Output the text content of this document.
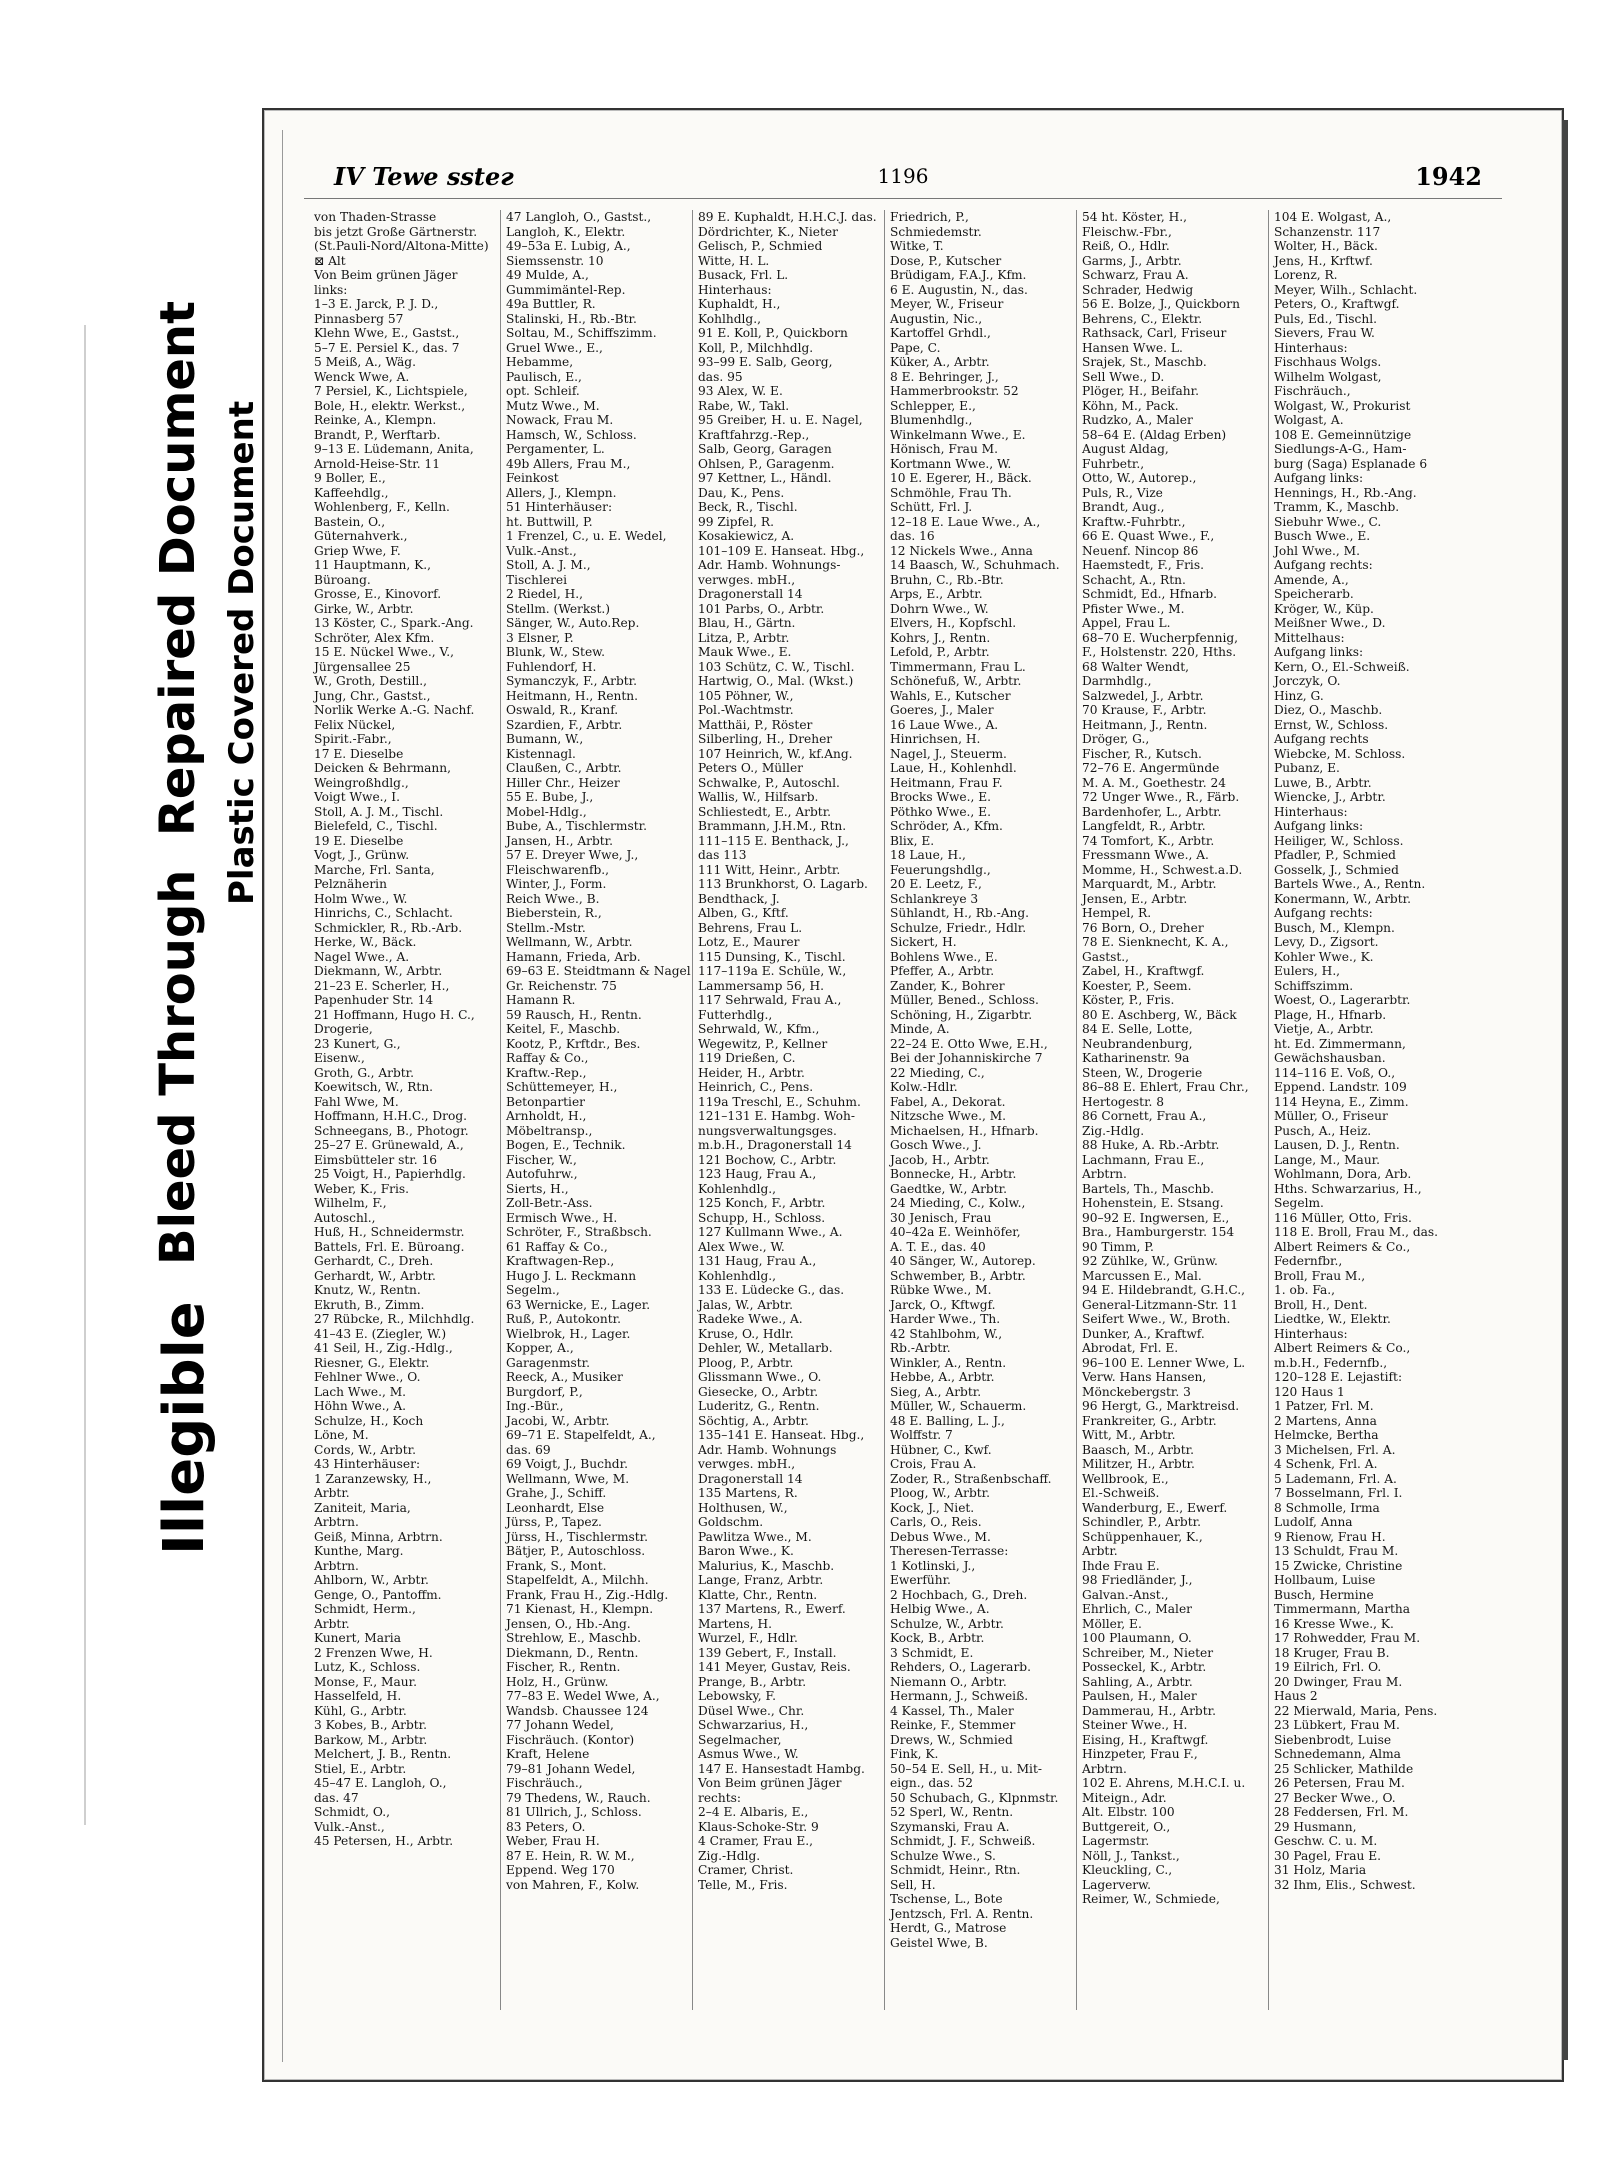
Illegible
Bleed Through  Repaired Document Plastic Covered Document
IV Tewe sstег	1196	1942
von Thaden-Strasse
bis jetzt Große Gärtnerstr.
(St.Pauli-Nord/Altona-Mitte)
⊠ Alt
Von Beim grünen Jäger
links:
1–3 E. Jarck, P. J. D.,
Pinnasberg 57
Klehn Wwe, E., Gastst.,
5–7 E. Persiel K., das. 7
5 Meiß, A., Wäg.
Wenck Wwe, A.
7 Persiel, K., Lichtspiele,
Bole, H., elektr. Werkst.,
Reinke, A., Klempn.
Brandt, P., Werftarb.
9–13 E. Lüdemann, Anita,
Arnold-Heise-Str. 11
9 Boller, E.,
Kaffeehdlg.,
Wohlenberg, F., Kelln.
Bastein, O.,
Güternahverk.,
Griep Wwe, F.
11 Hauptmann, K.,
Büroang.
Grosse, E., Kinovorf.
Girke, W., Arbtr.
13 Köster, C., Spark.-Ang.
Schröter, Alex Kfm.
15 E. Nückel Wwe., V.,
Jürgensallee 25
W., Groth, Destill.,
Jung, Chr., Gastst.,
Norlik Werke A.-G. Nachf.
Felix Nückel,
Spirit.-Fabr.,
17 E. Dieselbe
Deicken & Behrmann,
Weingroßhdlg.,
Voigt Wwe., I.
Stoll, A. J. M., Tischl.
Bielefeld, C., Tischl.
19 E. Dieselbe
Vogt, J., Grünw.
Marche, Frl. Santa,
Pelznäherin
Holm Wwe., W.
Hinrichs, C., Schlacht.
Schmickler, R., Rb.-Arb.
Herke, W., Bäck.
Nagel Wwe., A.
Diekmann, W., Arbtr.
21–23 E. Scherler, H.,
Papenhuder Str. 14
21 Hoffmann, Hugo H. C.,
Drogerie,
23 Kunert, G.,
Eisenw.,
Groth, G., Arbtr.
Koewitsch, W., Rtn.
Fahl Wwe, M.
Hoffmann, H.H.C., Drog.
Schneegans, B., Photogr.
25–27 E. Grünewald, A.,
Eimsbütteler str. 16
25 Voigt, H., Papierhdlg.
Weber, K., Fris.
Wilhelm, F.,
Autoschl.,
Huß, H., Schneidermstr.
Battels, Frl. E. Büroang.
Gerhardt, C., Dreh.
Gerhardt, W., Arbtr.
Knutz, W., Rentn.
Ekruth, B., Zimm.
27 Rübcke, R., Milchhdlg.
41–43 E. (Ziegler, W.)
41 Seil, H., Zig.-Hdlg.,
Riesner, G., Elektr.
Fehlner Wwe., O.
Lach Wwe., M.
Höhn Wwe., A.
Schulze, H., Koch
Löne, M.
Cords, W., Arbtr.
43 Hinterhäuser:
1 Zaranzewsky, H.,
Arbtr.
Zaniteit, Maria,
Arbtrn.
Geiß, Minna, Arbtrn.
Kunthe, Marg.
Arbtrn.
Ahlborn, W., Arbtr.
Genge, O., Pantoffm.
Schmidt, Herm.,
Arbtr.
Kunert, Maria
2 Frenzen Wwe, H.
Lutz, K., Schloss.
Monse, F., Maur.
Hasselfeld, H.
Kühl, G., Arbtr.
3 Kobes, B., Arbtr.
Barkow, M., Arbtr.
Melchert, J. B., Rentn.
Stiel, E., Arbtr.
45–47 E. Langloh, O.,
das. 47
Schmidt, O.,
Vulk.-Anst.,
45 Petersen, H., Arbtr.
47 Langloh, O., Gastst.,
Langloh, K., Elektr.
49–53a E. Lubig, A.,
Siemssenstr. 10
49 Mulde, A.,
Gummimäntel-Rep.
49a Buttler, R.
Stalinski, H., Rb.-Btr.
Soltau, M., Schiffszimm.
Gruel Wwe., E.,
Hebamme,
Paulisch, E.,
opt. Schleif.
Mutz Wwe., M.
Nowack, Frau M.
Hamsch, W., Schloss.
Pergamenter, L.
49b Allers, Frau M.,
Feinkost
Allers, J., Klempn.
51 Hinterhäuser:
ht. Buttwill, P.
1 Frenzel, C., u. E. Wedel,
Vulk.-Anst.,
Stoll, A. J. M.,
Tischlerei
2 Riedel, H.,
Stellm. (Werkst.)
Sänger, W., Auto.Rep.
3 Elsner, P.
Blunk, W., Stew.
Fuhlendorf, H.
Symanczyk, F., Arbtr.
Heitmann, H., Rentn.
Oswald, R., Kranf.
Szardien, F., Arbtr.
Bumann, W.,
Kistennagl.
Claußen, C., Arbtr.
Hiller Chr., Heizer
55 E. Bube, J.,
Mobel-Hdlg.,
Bube, A., Tischlermstr.
Jansen, H., Arbtr.
57 E. Dreyer Wwe, J.,
Fleischwarenfb.,
Winter, J., Form.
Reich Wwe., B.
Bieberstein, R.,
Stellm.-Mstr.
Wellmann, W., Arbtr.
Hamann, Frieda, Arb.
69–63 E. Steidtmann & Nagel
Gr. Reichenstr. 75
Hamann R.
59 Rausch, H., Rentn.
Keitel, F., Maschb.
Kootz, P., Krftdr., Bes.
Raffay & Co.,
Kraftw.-Rep.,
Schüttemeyer, H.,
Betonpartier
Arnholdt, H.,
Möbeltransp.,
Bogen, E., Technik.
Fischer, W.,
Autofuhrw.,
Sierts, H.,
Zoll-Betr.-Ass.
Ermisch Wwe., H.
Schröter, F., Straßbsch.
61 Raffay & Co.,
Kraftwagen-Rep.,
Hugo J. L. Reckmann
Segelm.,
63 Wernicke, E., Lager.
Ruß, P., Autokontr.
Wielbrok, H., Lager.
Kopper, A.,
Garagenmstr.
Reeck, A., Musiker
Burgdorf, P.,
Ing.-Bür.,
Jacobi, W., Arbtr.
69–71 E. Stapelfeldt, A.,
das. 69
69 Voigt, J., Buchdr.
Wellmann, Wwe, M.
Grahe, J., Schiff.
Leonhardt, Else
Jürss, P., Tapez.
Jürss, H., Tischlermstr.
Bätjer, P., Autoschloss.
Frank, S., Mont.
Stapelfeldt, A., Milchh.
Frank, Frau H., Zig.-Hdlg.
71 Kienast, H., Klempn.
Jensen, O., Hb.-Ang.
Strehlow, E., Maschb.
Diekmann, D., Rentn.
Fischer, R., Rentn.
Holz, H., Grünw.
77–83 E. Wedel Wwe, A.,
Wandsb. Chaussee 124
77 Johann Wedel,
Fischräuch. (Kontor)
Kraft, Helene
79–81 Johann Wedel,
Fischräuch.,
79 Thedens, W., Rauch.
81 Ullrich, J., Schloss.
83 Peters, O.
Weber, Frau H.
87 E. Hein, R. W. M.,
Eppend. Weg 170
von Mahren, F., Kolw.
89 E. Kuphaldt, H.H.C.J. das.
Dördrichter, K., Nieter
Gelisch, P., Schmied
Witte, H. L.
Busack, Frl. L.
Hinterhaus:
Kuphaldt, H.,
Kohlhdlg.,
91 E. Koll, P., Quickborn
Koll, P., Milchhdlg.
93–99 E. Salb, Georg,
das. 95
93 Alex, W. E.
Rabe, W., Takl.
95 Greiber, H. u. E. Nagel,
Kraftfahrzg.-Rep.,
Salb, Georg, Garagen
Ohlsen, P., Garagenm.
97 Kettner, L., Händl.
Dau, K., Pens.
Beck, R., Tischl.
99 Zipfel, R.
Kosakiewicz, A.
101–109 E. Hanseat. Hbg.,
Adr. Hamb. Wohnungs-
verwges. mbH.,
Dragonerstall 14
101 Parbs, O., Arbtr.
Blau, H., Gärtn.
Litza, P., Arbtr.
Mauk Wwe., E.
103 Schütz, C. W., Tischl.
Hartwig, O., Mal. (Wkst.)
105 Pöhner, W.,
Pol.-Wachtmstr.
Matthäi, P., Röster
Silberling, H., Dreher
107 Heinrich, W., kf.Ang.
Peters O., Müller
Schwalke, P., Autoschl.
Wallis, W., Hilfsarb.
Schliestedt, E., Arbtr.
Brammann, J.H.M., Rtn.
111–115 E. Benthack, J.,
das 113
111 Witt, Heinr., Arbtr.
113 Brunkhorst, O. Lagarb.
Bendthack, J.
Alben, G., Kftf.
Behrens, Frau L.
Lotz, E., Maurer
115 Dunsing, K., Tischl.
117–119a E. Schüle, W.,
Lammersamp 56, H.
117 Sehrwald, Frau A.,
Futterhdlg.,
Sehrwald, W., Kfm.,
Wegewitz, P., Kellner
119 Drießen, C.
Heider, H., Arbtr.
Heinrich, C., Pens.
119a Treschl, E., Schuhm.
121–131 E. Hambg. Woh-
nungsverwaltungsges.
m.b.H., Dragonerstall 14
121 Bochow, C., Arbtr.
123 Haug, Frau A.,
Kohlenhdlg.,
125 Konch, F., Arbtr.
Schupp, H., Schloss.
127 Kullmann Wwe., A.
Alex Wwe., W.
131 Haug, Frau A.,
Kohlenhdlg.,
133 E. Lüdecke G., das.
Jalas, W., Arbtr.
Radeke Wwe., A.
Kruse, O., Hdlr.
Dehler, W., Metallarb.
Ploog, P., Arbtr.
Glissmann Wwe., O.
Giesecke, O., Arbtr.
Luderitz, G., Rentn.
Söchtig, A., Arbtr.
135–141 E. Hanseat. Hbg.,
Adr. Hamb. Wohnungs
verwges. mbH.,
Dragonerstall 14
135 Martens, R.
Holthusen, W.,
Goldschm.
Pawlitza Wwe., M.
Baron Wwe., K.
Malurius, K., Maschb.
Lange, Franz, Arbtr.
Klatte, Chr., Rentn.
137 Martens, R., Ewerf.
Martens, H.
Wurzel, F., Hdlr.
139 Gebert, F., Install.
141 Meyer, Gustav, Reis.
Prange, B., Arbtr.
Lebowsky, F.
Düsel Wwe., Chr.
Schwarzarius, H.,
Segelmacher,
Asmus Wwe., W.
147 E. Hansestadt Hambg.
Von Beim grünen Jäger
rechts:
2–4 E. Albaris, E.,
Klaus-Schoke-Str. 9
4 Cramer, Frau E.,
Zig.-Hdlg.
Cramer, Christ.
Telle, M., Fris.
Friedrich, P.,
Schmiedemstr.
Witke, T.
Dose, P., Kutscher
Brüdigam, F.A.J., Kfm.
6 E. Augustin, N., das.
Meyer, W., Friseur
Augustin, Nic.,
Kartoffel Grhdl.,
Pape, C.
Küker, A., Arbtr.
8 E. Behringer, J.,
Hammerbrookstr. 52
Schlepper, E.,
Blumenhdlg.,
Winkelmann Wwe., E.
Hönisch, Frau M.
Kortmann Wwe., W.
10 E. Egerer, H., Bäck.
Schmöhle, Frau Th.
Schütt, Frl. J.
12–18 E. Laue Wwe., A.,
das. 16
12 Nickels Wwe., Anna
14 Baasch, W., Schuhmach.
Bruhn, C., Rb.-Btr.
Arps, E., Arbtr.
Dohrn Wwe., W.
Elvers, H., Kopfschl.
Kohrs, J., Rentn.
Lefold, P., Arbtr.
Timmermann, Frau L.
Schönefuß, W., Arbtr.
Wahls, E., Kutscher
Goeres, J., Maler
16 Laue Wwe., A.
Hinrichsen, H.
Nagel, J., Steuerm.
Laue, H., Kohlenhdl.
Heitmann, Frau F.
Brocks Wwe., E.
Pöthko Wwe., E.
Schröder, A., Kfm.
Blix, E.
18 Laue, H.,
Feuerungshdlg.,
20 E. Leetz, F.,
Schlankreye 3
Sühlandt, H., Rb.-Ang.
Schulze, Friedr., Hdlr.
Sickert, H.
Bohlens Wwe., E.
Pfeffer, A., Arbtr.
Zander, K., Bohrer
Müller, Bened., Schloss.
Schöning, H., Zigarbtr.
Minde, A.
22–24 E. Otto Wwe, E.H.,
Bei der Johanniskirche 7
22 Mieding, C.,
Kolw.-Hdlr.
Fabel, A., Dekorat.
Nitzsche Wwe., M.
Michaelsen, H., Hfnarb.
Gosch Wwe., J.
Jacob, H., Arbtr.
Bonnecke, H., Arbtr.
Gaedtke, W., Arbtr.
24 Mieding, C., Kolw.,
30 Jenisch, Frau
40–42a E. Weinhöfer,
A. T. E., das. 40
40 Sänger, W., Autorep.
Schwember, B., Arbtr.
Rübke Wwe., M.
Jarck, O., Kftwgf.
Harder Wwe., Th.
42 Stahlbohm, W.,
Rb.-Arbtr.
Winkler, A., Rentn.
Hebbe, A., Arbtr.
Sieg, A., Arbtr.
Müller, W., Schauerm.
48 E. Balling, L. J.,
Wolffstr. 7
Hübner, C., Kwf.
Crois, Frau A.
Zoder, R., Straßenbschaff.
Ploog, W., Arbtr.
Kock, J., Niet.
Carls, O., Reis.
Debus Wwe., M.
Theresen-Terrasse:
1 Kotlinski, J.,
Ewerführ.
2 Hochbach, G., Dreh.
Helbig Wwe., A.
Schulze, W., Arbtr.
Kock, B., Arbtr.
3 Schmidt, E.
Rehders, O., Lagerarb.
Niemann O., Arbtr.
Hermann, J., Schweiß.
4 Kassel, Th., Maler
Reinke, F., Stemmer
Drews, W., Schmied
Fink, K.
50–54 E. Sell, H., u. Mit-
eign., das. 52
50 Schubach, G., Klpnmstr.
52 Sperl, W., Rentn.
Szymanski, Frau A.
Schmidt, J. F., Schweiß.
Schulze Wwe., S.
Schmidt, Heinr., Rtn.
Sell, H.
Tschense, L., Bote
Jentzsch, Frl. A. Rentn.
Herdt, G., Matrose
Geistel Wwe, B.
54 ht. Köster, H.,
Fleischw.-Fbr.,
Reiß, O., Hdlr.
Garms, J., Arbtr.
Schwarz, Frau A.
Schrader, Hedwig
56 E. Bolze, J., Quickborn
Behrens, C., Elektr.
Rathsack, Carl, Friseur
Hansen Wwe. L.
Srajek, St., Maschb.
Sell Wwe., D.
Plöger, H., Beifahr.
Köhn, M., Pack.
Rudzko, A., Maler
58–64 E. (Aldag Erben)
August Aldag,
Fuhrbetr.,
Otto, W., Autorep.,
Puls, R., Vize
Brandt, Aug.,
Kraftw.-Fuhrbtr.,
66 E. Quast Wwe., F.,
Neuenf. Nincop 86
Haemstedt, F., Fris.
Schacht, A., Rtn.
Schmidt, Ed., Hfnarb.
Pfister Wwe., M.
Appel, Frau L.
68–70 E. Wucherpfennig,
F., Holstenstr. 220, Hths.
68 Walter Wendt,
Darmhdlg.,
Salzwedel, J., Arbtr.
70 Krause, F., Arbtr.
Heitmann, J., Rentn.
Dröger, G.,
Fischer, R., Kutsch.
72–76 E. Angermünde
M. A. M., Goethestr. 24
72 Unger Wwe., R., Färb.
Bardenhofer, L., Arbtr.
Langfeldt, R., Arbtr.
74 Tomfort, K., Arbtr.
Fressmann Wwe., A.
Momme, H., Schwest.a.D.
Marquardt, M., Arbtr.
Jensen, E., Arbtr.
Hempel, R.
76 Born, O., Dreher
78 E. Sienknecht, K. A.,
Gastst.,
Zabel, H., Kraftwgf.
Koester, P., Seem.
Köster, P., Fris.
80 E. Aschberg, W., Bäck
84 E. Selle, Lotte,
Neubrandenburg,
Katharinenstr. 9a
Steen, W., Drogerie
86–88 E. Ehlert, Frau Chr.,
Hertogestr. 8
86 Cornett, Frau A.,
Zig.-Hdlg.
88 Huke, A. Rb.-Arbtr.
Lachmann, Frau E.,
Arbtrn.
Bartels, Th., Maschb.
Hohenstein, E. Stsang.
90–92 E. Ingwersen, E.,
Bra., Hamburgerstr. 154
90 Timm, P.
92 Zühlke, W., Grünw.
Marcussen E., Mal.
94 E. Hildebrandt, G.H.C.,
General-Litzmann-Str. 11
Seifert Wwe., W., Broth.
Dunker, A., Kraftwf.
Abrodat, Frl. E.
96–100 E. Lenner Wwe, L.
Verw. Hans Hansen,
Mönckebergstr. 3
96 Hergt, G., Marktreisd.
Frankreiter, G., Arbtr.
Witt, M., Arbtr.
Baasch, M., Arbtr.
Militzer, H., Arbtr.
Wellbrook, E.,
El.-Schweiß.
Wanderburg, E., Ewerf.
Schindler, P., Arbtr.
Schüppenhauer, K.,
Arbtr.
Ihde Frau E.
98 Friedländer, J.,
Galvan.-Anst.,
Ehrlich, C., Maler
Möller, E.
100 Plaumann, O.
Schreiber, M., Nieter
Posseckel, K., Arbtr.
Sahling, A., Arbtr.
Paulsen, H., Maler
Dammerau, H., Arbtr.
Steiner Wwe., H.
Eising, H., Kraftwgf.
Hinzpeter, Frau F.,
Arbtrn.
102 E. Ahrens, M.H.C.I. u.
Miteign., Adr.
Alt. Elbstr. 100
Buttgereit, O.,
Lagermstr.
Nöll, J., Tankst.,
Kleuckling, C.,
Lagerverw.
Reimer, W., Schmiede,
104 E. Wolgast, A.,
Schanzenstr. 117
Wolter, H., Bäck.
Jens, H., Krftwf.
Lorenz, R.
Meyer, Wilh., Schlacht.
Peters, O., Kraftwgf.
Puls, Ed., Tischl.
Sievers, Frau W.
Hinterhaus:
Fischhaus Wolgs.
Wilhelm Wolgast,
Fischräuch.,
Wolgast, W., Prokurist
Wolgast, A.
108 E. Gemeinnützige
Siedlungs-A-G., Ham-
burg (Saga) Esplanade 6
Aufgang links:
Hennings, H., Rb.-Ang.
Tramm, K., Maschb.
Siebuhr Wwe., C.
Busch Wwe., E.
Johl Wwe., M.
Aufgang rechts:
Amende, A.,
Speicherarb.
Kröger, W., Küp.
Meißner Wwe., D.
Mittelhaus:
Aufgang links:
Kern, O., El.-Schweiß.
Jorczyk, O.
Hinz, G.
Diez, O., Maschb.
Ernst, W., Schloss.
Aufgang rechts
Wiebcke, M. Schloss.
Pubanz, E.
Luwe, B., Arbtr.
Wiencke, J., Arbtr.
Hinterhaus:
Aufgang links:
Heiliger, W., Schloss.
Pfadler, P., Schmied
Gosselk, J., Schmied
Bartels Wwe., A., Rentn.
Konermann, W., Arbtr.
Aufgang rechts:
Busch, M., Klempn.
Levy, D., Zigsort.
Kohler Wwe., K.
Eulers, H.,
Schiffszimm.
Woest, O., Lagerarbtr.
Plage, H., Hfnarb.
Vietje, A., Arbtr.
ht. Ed. Zimmermann,
Gewächshausban.
114–116 E. Voß, O.,
Eppend. Landstr. 109
114 Heyna, E., Zimm.
Müller, O., Friseur
Pusch, A., Heiz.
Lausen, D. J., Rentn.
Lange, M., Maur.
Wohlmann, Dora, Arb.
Hths. Schwarzarius, H.,
Segelm.
116 Müller, Otto, Fris.
118 E. Broll, Frau M., das.
Albert Reimers & Co.,
Federnfbr.,
Broll, Frau M.,
1. ob. Fa.,
Broll, H., Dent.
Liedtke, W., Elektr.
Hinterhaus:
Albert Reimers & Co.,
m.b.H., Federnfb.,
120–128 E. Lejastift:
120 Haus 1
1 Patzer, Frl. M.
2 Martens, Anna
Helmcke, Bertha
3 Michelsen, Frl. A.
4 Schenk, Frl. A.
5 Lademann, Frl. A.
7 Bosselmann, Frl. I.
8 Schmolle, Irma
Ludolf, Anna
9 Rienow, Frau H.
13 Schuldt, Frau M.
15 Zwicke, Christine
Hollbaum, Luise
Busch, Hermine
Timmermann, Martha
16 Kresse Wwe., K.
17 Rohwedder, Frau M.
18 Kruger, Frau B.
19 Eilrich, Frl. O.
20 Dwinger, Frau M.
Haus 2
22 Mierwald, Maria, Pens.
23 Lübkert, Frau M.
Siebenbrodt, Luise
Schnedemann, Alma
25 Schlicker, Mathilde
26 Petersen, Frau M.
27 Becker Wwe., O.
28 Feddersen, Frl. M.
29 Husmann,
Geschw. C. u. M.
30 Pagel, Frau E.
31 Holz, Maria
32 Ihm, Elis., Schwest.
